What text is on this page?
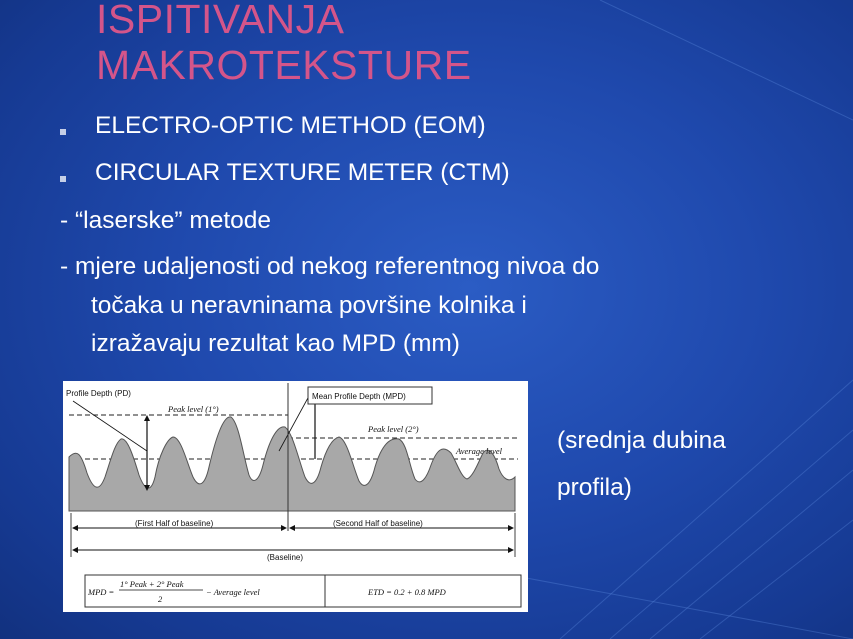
ISPITIVANJA
MAKROTEKSTURE
ELECTRO-OPTIC METHOD (EOM)
CIRCULAR TEXTURE METER (CTM)
- “laserske” metode
- mjere udaljenosti od nekog referentnog nivoa do
točaka u neravninama površine kolnika i
izražavaju rezultat kao MPD (mm)
(srednja dubina
profila)
Profile Depth (PD)	Mean Profile Depth (MPD)
Peak level (1°)
Peak level (2°)
Average level
(First Half of baseline)	(Second Half of baseline)
(Baseline)
MPD =
1° Peak + 2° Peak
2
− Average level	ETD = 0.2 + 0.8 MPD
